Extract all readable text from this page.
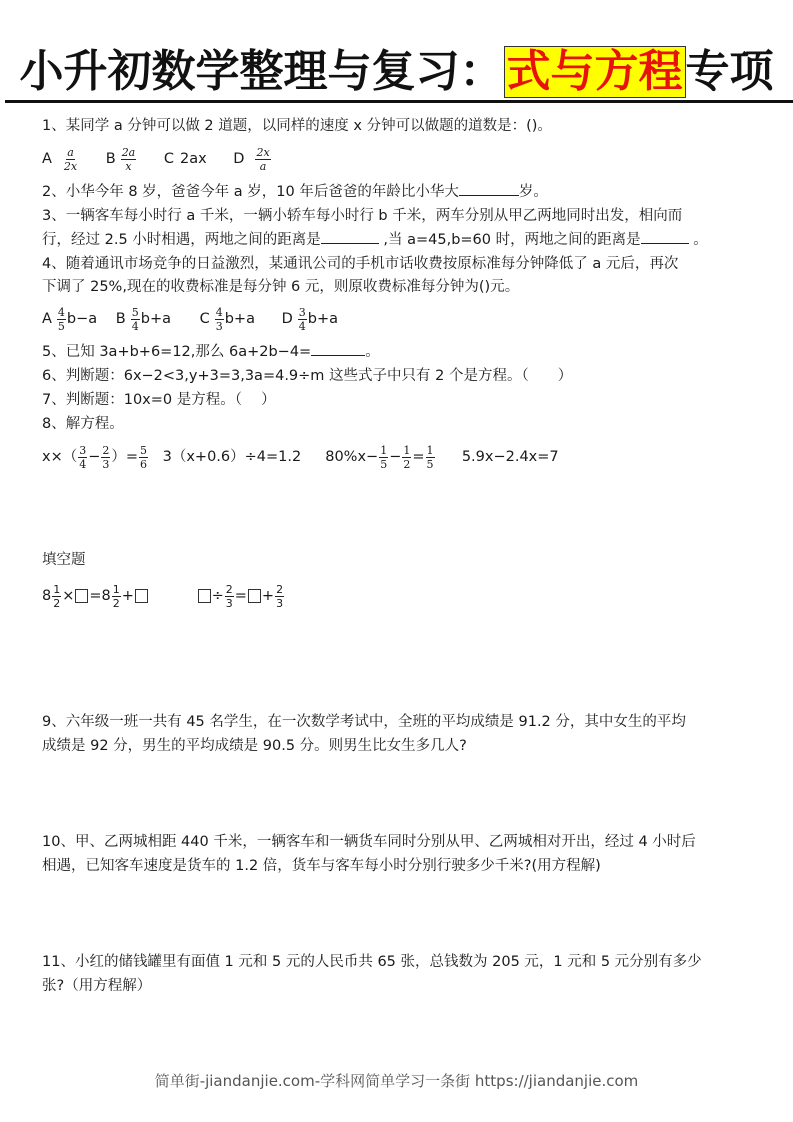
小升初数学整理与复习：式与方程专项
1、某同学 a 分钟可以做 2 道题，以同样的速度 x 分钟可以做题的道数是：()。
A $\frac{a}{2x}$
B $\frac{2a}{x}$
C 2ax
D $\frac{2x}{a}$
2、小华今年 8 岁，爸爸今年 a 岁，10 年后爸爸的年龄比小华大	岁。
3、一辆客车每小时行 a 千米，一辆小轿车每小时行 b 千米，两车分别从甲乙两地同时出发，相向而
行，经过 2.5 小时相遇，两地之间的距离是	,当 a=45,b=60 时，两地之间的距离是	。
4、随着通讯市场竞争的日益激烈，某通讯公司的手机市话收费按原标准每分钟降低了 a 元后，再次
下调了 25%,现在的收费标准是每分钟 6 元，则原收费标准每分钟为()元。
A $\frac{4}{5} b-a$
B $\frac{5}{4} b+a$
C $\frac{4}{3} b+a$
D $\frac{3}{4} b+a$
5、已知 3a+b+6=12,那么 6a+2b−4=	。
6、判断题：6x−2<3,y+3=3,3a=4.9÷m 这些式子中只有 2 个是方程。（　　）
7、判断题：10x=0 是方程。（　 ）
8、解方程。
$x\times( \frac{3}{4} - \frac{2}{3}$ ）= $\frac{5}{6} 3(x+0.6)\div 4=1.2$ $80\%x- \frac{1}{5} - \frac{1}{2} = \frac{1}{5} 5.9x-2.4x=7$
填空题
$8 \frac{1}{2} \times =8 \frac{1}{2}$ +	÷ $\frac{2}{3}$ = + $\frac{2}{3}$
9、六年级一班一共有 45 名学生，在一次数学考试中，全班的平均成绩是 91.2 分，其中女生的平均
成绩是 92 分，男生的平均成绩是 90.5 分。则男生比女生多几人?
10、甲、乙两城相距 440 千米，一辆客车和一辆货车同时分别从甲、乙两城相对开出，经过 4 小时后
相遇，已知客车速度是货车的 1.2 倍，货车与客车每小时分别行驶多少千米?(用方程解)
11、小红的储钱罐里有面值 1 元和 5 元的人民币共 65 张，总钱数为 205 元，1 元和 5 元分别有多少
张?（用方程解）
简单街-jiandanjie.com-学科网简单学习一条街 https://jiandanjie.com
